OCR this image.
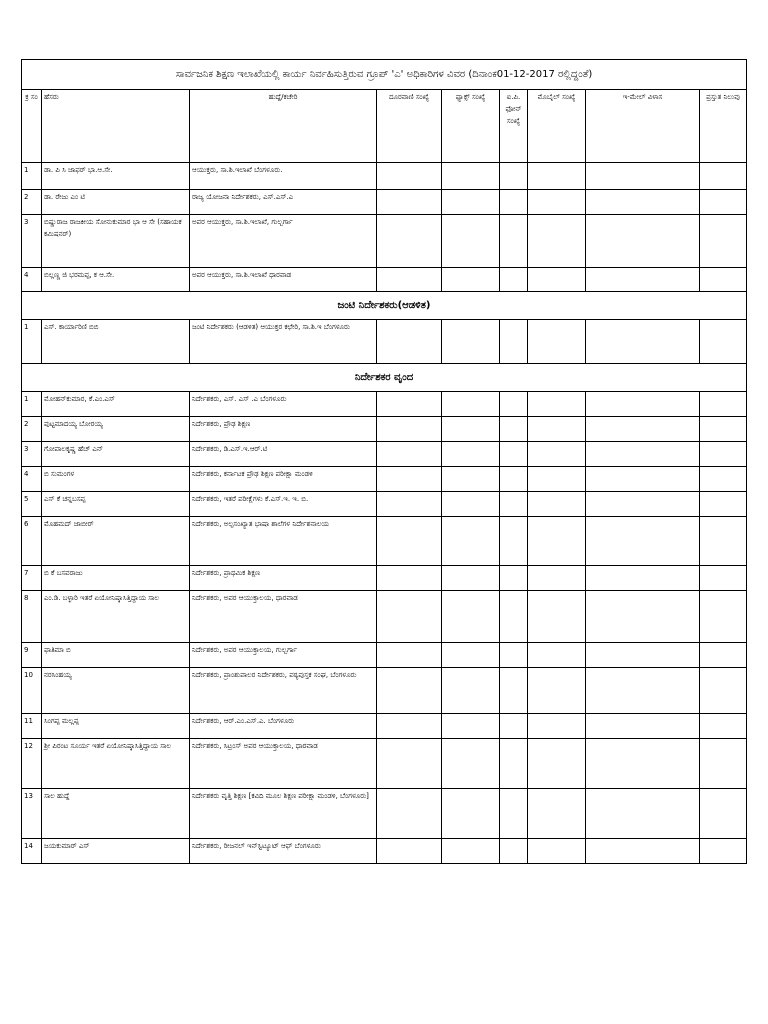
ಸಾರ್ವಜನಿಕ ಶಿಕ್ಷಣ ಇಲಾಖೆಯಲ್ಲಿ ಕಾರ್ಯ ನಿರ್ವಹಿಸುತ್ತಿರುವ ಗ್ರೂಪ್ 'ಎ' ಅಧಿಕಾರಿಗಳ ವಿವರ (ದಿನಾಂಕ01-12-2017 ರಲ್ಲಿದ್ದಂತೆ)								
ಕ್ರ ಸಂ	ಹೆಸರು	ಹುದ್ದೆ/ಕಚೇರಿ	ದೂರವಾಣಿ ಸಂಖ್ಯೆ	ಫ್ಯಾಕ್ಸ್ ಸಂಖ್ಯೆ	ಐ.ಪಿ. ಫೋನ್ ಸಂಖ್ಯೆ	ಮೊಬೈಲ್ ಸಂಖ್ಯೆ	ಇ-ಮೇಲ್ ವಿಳಾಸ	ಪ್ರಸ್ತುತ ನಿಲುವು
1	ಡಾ. ಪಿ ಸಿ ಜಾಫರ್ ಭಾ.ಆ.ಸೇ.	ಆಯುಕ್ತರು, ಸಾ.ಶಿ.ಇಲಾಖೆ ಬೆಂಗಳೂರು.						
2	ಡಾ. ರೇಜು ಎಂ ಟಿ	ರಾಜ್ಯ ಯೋಜನಾ ನಿರ್ದೇಶಕರು, ಎಸ್.ಎಸ್.ಎ						
3	ಬಿಷ್ಣುರಾಜ ರಾಜಕೀಯ ಸೋನುಕುಮಾರ ಭಾ ಆ ಸೇ (ಸಹಾಯಕ ಕಮಿಷನರ್)	ಅಪರ ಆಯುಕ್ತರು, ಸಾ.ಶಿ.ಇಲಾಖೆ, ಗುಲ್ಬರ್ಗಾ						
4	ಬಿಲ್ಲಣ್ಣ ಜಿ ಭರಮಪ್ಪ, ಕ ಆ.ಸೇ.	ಅಪರ ಆಯುಕ್ತರು, ಸಾ.ಶಿ.ಇಲಾಖೆ ಧಾರವಾಡ						
ಜಂಟಿ ನಿರ್ದೇಶಕರು(ಆಡಳಿತ)								
1	ಎಸ್. ಕಾರ್ಯಾರಿಣಿ ಬಿಬಿ	ಜಂಟಿ ನಿರ್ದೇಶಕರು (ಆಡಳಿತ) ಆಯುಕ್ತರ ಕಛೇರಿ, ಸಾ.ಶಿ.ಇ ಬೆಂಗಳೂರು						
ನಿರ್ದೇಶಕರ ವೃಂದ								
1	ಮೋಹನ್‌ಕುಮಾರ, ಕೆ.ಎಂ.ಎಸ್	ನಿರ್ದೇಶಕರು, ಎಸ್. ಎಸ್ .ಎ ಬೆಂಗಳೂರು						
2	ಪುಟ್ಟಮಾದಯ್ಯ ಬೋರಯ್ಯ	ನಿರ್ದೇಶಕರು, ಪ್ರೌಢ ಶಿಕ್ಷಣ						
3	ಗೋಪಾಲಕೃಷ್ಣ ಹೆಚ್ ಎನ್	ನಿರ್ದೇಶಕರು, ಡಿ.ಎಸ್.ಇ.ಆರ್.ಟಿ						
4	ಬಿ ಸುಮಂಗಳ	ನಿರ್ದೇಶಕರು, ಕರ್ನಾಟಕ ಪ್ರೌಢ ಶಿಕ್ಷಣ ಪರೀಕ್ಷಾ ಮಂಡಳಿ						
5	ಎಸ್ ಕೆ ಚನ್ನಬಸಪ್ಪ	ನಿರ್ದೇಶಕರು, ಇತರೆ ಪರೀಕ್ಷೆಗಳು ಕೆ.ಎಸ್.ಇ. ಇ. ಬಿ.						
6	ಮೊಹಮದ್ ಜಾಬೀರ್	ನಿರ್ದೇಶಕರು, ಅಲ್ಪಸಂಖ್ಯಾತ ಭಾಷಾ ಶಾಲೆಗಳ ನಿರ್ದೇಶನಾಲಯ						
7	ಬಿ ಕೆ ಬಸವರಾಜು	ನಿರ್ದೇಶಕರು, ಪ್ರಾಥಮಿಕ ಶಿಕ್ಷಣ						
8	ಎಂ.ಡಿ. ಬಳ್ಳಾರಿ ಇತರೆ ಏಯೋನಿಷ್ಕಾಸಿತ್ತಿದ್ದಾಯ ಸಾಲ	ನಿರ್ದೇಶಕರು, ಅಪರ ಆಯುಕ್ತಾಲಯ, ಧಾರವಾಡ						
9	ಫಾತಿಮಾ ಬಿ	ನಿರ್ದೇಶಕರು, ಅಪರ ಆಯುಕ್ತಾಲಯ, ಗುಲ್ಬರ್ಗಾ						
10	ನರಸಿಂಹಯ್ಯ	ನಿರ್ದೇಶಕರು, ಪ್ರಾಂಶುಪಾಲರ ನಿರ್ದೇಶಕರು, ಪಠ್ಯಪುಸ್ತಕ ಸಂಘ, ಬೆಂಗಳೂರು						
11	ಸಿಂಗಪ್ಪ ಮಲ್ಲಪ್ಪ	ನಿರ್ದೇಶಕರು, ಆರ್.ಎಂ.ಎಸ್.ಎ. ಬೆಂಗಳೂರು						
12	ಶ್ರೀ ಪಿರಂಟ ಸೂರ್ಯ ಇತರೆ ಏಯೋನಿಷ್ಕಾಸಿತ್ತಿದ್ದಾಯ ಸಾಲ	ನಿರ್ದೇಶಕರು, ಸಿಟ್ರಂಸ್ ಅಪರ ಆಯುಕ್ತಾಲಯ, ಧಾರವಾಡ						
13	ಸಾಲ ಹುದ್ದೆ	ನಿರ್ದೇಶಕರು ವೃತ್ತಿ ಶಿಕ್ಷಣ [ಕವಿದಿ ಮೂಲ ಶಿಕ್ಷಣ ಪರೀಕ್ಷಾ ಮಂಡಳಿ, ಬೆಂಗಳೂರು]						
14	ಜಯಕುಮಾರ್ ಎಸ್	ನಿರ್ದೇಶಕರು, ರೀಜನಲ್ ಇನ್‌ಸ್ಟಿಟ್ಯೂಟ್ ಆಫ್ ಬೆಂಗಳೂರು						
